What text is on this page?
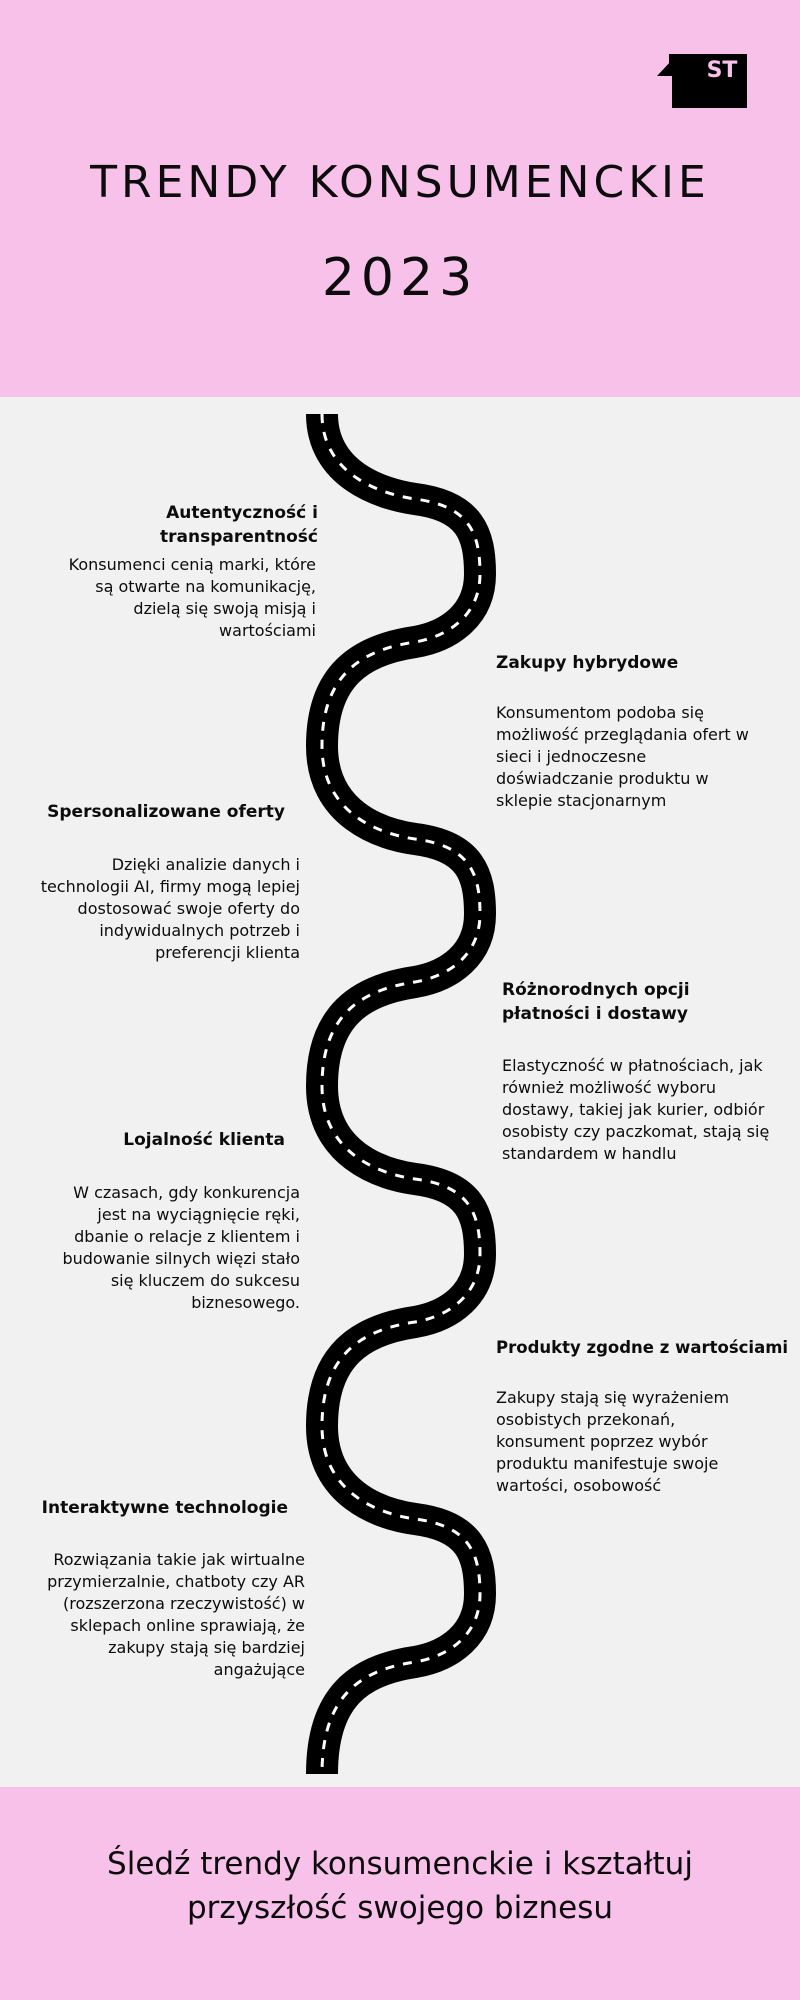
ST
TRENDY KONSUMENCKIE
2023
Autentyczność i transparentność
Konsumenci cenią marki, które są otwarte na komunikację, dzielą się swoją misją i wartościami
Zakupy hybrydowe
Konsumentom podoba się możliwość przeglądania ofert w sieci i jednoczesne doświadczanie produktu w sklepie stacjonarnym
Spersonalizowane oferty
Dzięki analizie danych i technologii AI, firmy mogą lepiej dostosować swoje oferty do indywidualnych potrzeb i preferencji klienta
Różnorodnych opcji płatności i dostawy
Elastyczność w płatnościach, jak również możliwość wyboru dostawy, takiej jak kurier, odbiór osobisty czy paczkomat, stają się standardem w handlu
Lojalność klienta
W czasach, gdy konkurencja jest na wyciągnięcie ręki, dbanie o relacje z klientem i budowanie silnych więzi stało się kluczem do sukcesu biznesowego.
Produkty zgodne z wartościami
Zakupy stają się wyrażeniem osobistych przekonań, konsument poprzez wybór produktu manifestuje swoje wartości, osobowość
Interaktywne technologie
Rozwiązania takie jak wirtualne przymierzalnie, chatboty czy AR (rozszerzona rzeczywistość) w sklepach online sprawiają, że zakupy stają się bardziej angażujące
Śledź trendy konsumenckie i kształtuj przyszłość swojego biznesu
